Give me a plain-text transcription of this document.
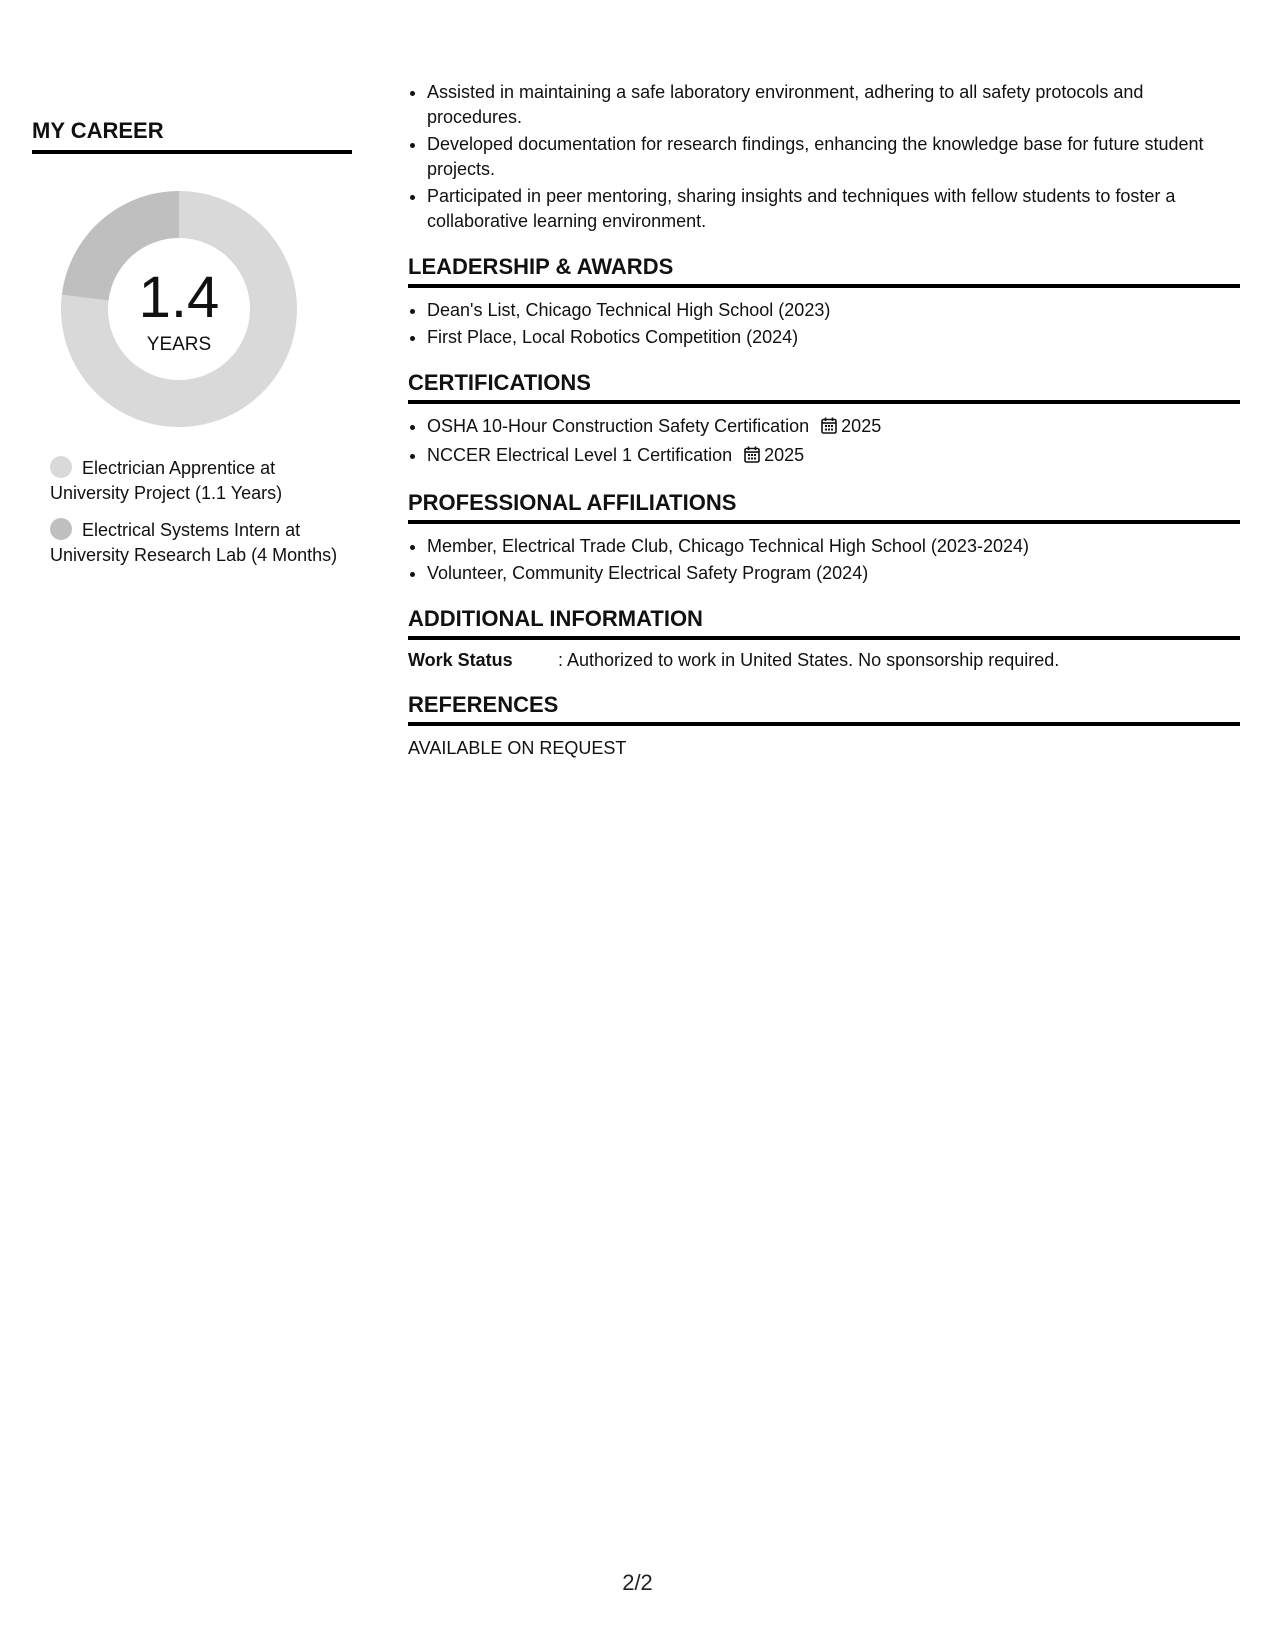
MY CAREER
1.4
YEARS
Electrician Apprentice at University Project (1.1 Years)
Electrical Systems Intern at University Research Lab (4 Months)
• Assisted in maintaining a safe laboratory environment, adhering to all safety protocols and procedures.
• Developed documentation for research findings, enhancing the knowledge base for future student projects.
• Participated in peer mentoring, sharing insights and techniques with fellow students to foster a collaborative learning environment.
LEADERSHIP & AWARDS
• Dean's List, Chicago Technical High School (2023)
• First Place, Local Robotics Competition (2024)
CERTIFICATIONS
• OSHA 10-Hour Construction Safety Certification 2025
• NCCER Electrical Level 1 Certification 2025
PROFESSIONAL AFFILIATIONS
• Member, Electrical Trade Club, Chicago Technical High School (2023-2024)
• Volunteer, Community Electrical Safety Program (2024)
ADDITIONAL INFORMATION
Work Status	: Authorized to work in United States. No sponsorship required.
REFERENCES
AVAILABLE ON REQUEST
2/2
